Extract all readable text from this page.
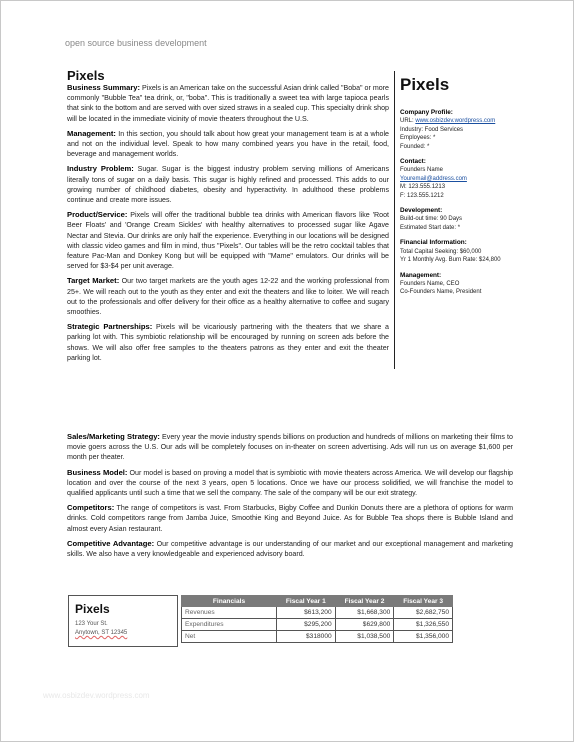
open source business development
Pixels

Business Summary: Pixels is an American take on the successful Asian drink called "Boba" or more commonly "Bubble Tea" tea drink, or, "boba". This is traditionally a sweet tea with large tapioca pearls that sink to the bottom and are served with over sized straws in a sealed cup. This specialty drink shop will be located in the immediate vicinity of movie theaters throughout the U.S.

Management: In this section, you should talk about how great your management team is at a whole and not on the individual level. Speak to how many combined years you have in the retail, food, beverage and management worlds.

Industry Problem: Sugar. Sugar is the biggest industry problem serving millions of Americans literally tons of sugar on a daily basis. This sugar is highly refined and processed. This adds to our growing number of childhood diabetes, obesity and hyperactivity. In adulthood these problems continue and create more issues.

Product/Service: Pixels will offer the traditional bubble tea drinks with American flavors like 'Root Beer Floats' and 'Orange Cream Sickles' with healthy alternatives to processed sugar like Agave Nectar and Stevia. Our drinks are only half the experience. Everything in our locations will be designed with classic video games and film in mind, thus "Pixels". Our tables will be the retro cocktail tables that feature Pac-Man and Donkey Kong but will be equipped with "Mame" emulators. Our drinks will be served for $3-$4 per unit average.

Target Market: Our two target markets are the youth ages 12-22 and the working professional from 25+. We will reach out to the youth as they enter and exit the theaters and like to loiter. We will reach out to the professionals and offer delivery for their office as a healthy alternative to coffee and sugary smoothies.

Strategic Partnerships: Pixels will be vicariously partnering with the theaters that we share a parking lot with. This symbiotic relationship will be encouraged by running on screen ads before the shows. We will also offer free samples to the theaters patrons as they enter and exit the theater parking lot.

Pixels
Company Profile:
URL: www.osbizdev.wordpress.com
Industry: Food Services
Employees: *
Founded: *
Contact:
Founders Name
Youremail@address.com
M: 123.555.1213
F: 123.555.1212
Development:
Build-out time: 90 Days
Estimated Start date: *
Financial Information:
Total Capital Seeking: $60,000
Yr 1 Monthly Avg. Burn Rate: $24,800
Management:
Founders Name, CEO
Co-Founders Name, President

Sales/Marketing Strategy: Every year the movie industry spends billions on production and hundreds of millions on marketing their films to movie goers across the U.S. Our ads will be completely focuses on in-theater on screen advertising. Ads will run us on average $1,600 per month per theater.

Business Model: Our model is based on proving a model that is symbiotic with movie theaters across America. We will develop our flagship location and over the course of the next 3 years, open 5 locations. Once we have our process solidified, we will franchise the model to qualified applicants until such a time that we sell the company. The sale of the company will be our exit strategy.

Competitors: The range of competitors is vast. From Starbucks, Bigby Coffee and Dunkin Donuts there are a plethora of options for warm drinks. Cold competitors range from Jamba Juice, Smoothie King and Beyond Juice. As for Bubble Tea shops there is Bubble Island and almost every Asian restaurant.

Competitive Advantage: Our competitive advantage is our understanding of our market and our exceptional management and marketing skills. We also have a very knowledgeable and experienced advisory board.

Pixels
123 Your St.
Anytown, ST 12345
Financials	Fiscal Year 1	Fiscal Year 2	Fiscal Year 3
Revenues	$613,200	$1,668,300	$2,682,750
Expenditures	$295,200	$629,800	$1,326,550
Net	$318000	$1,038,500	$1,356,000
www.osbizdev.wordpress.com
